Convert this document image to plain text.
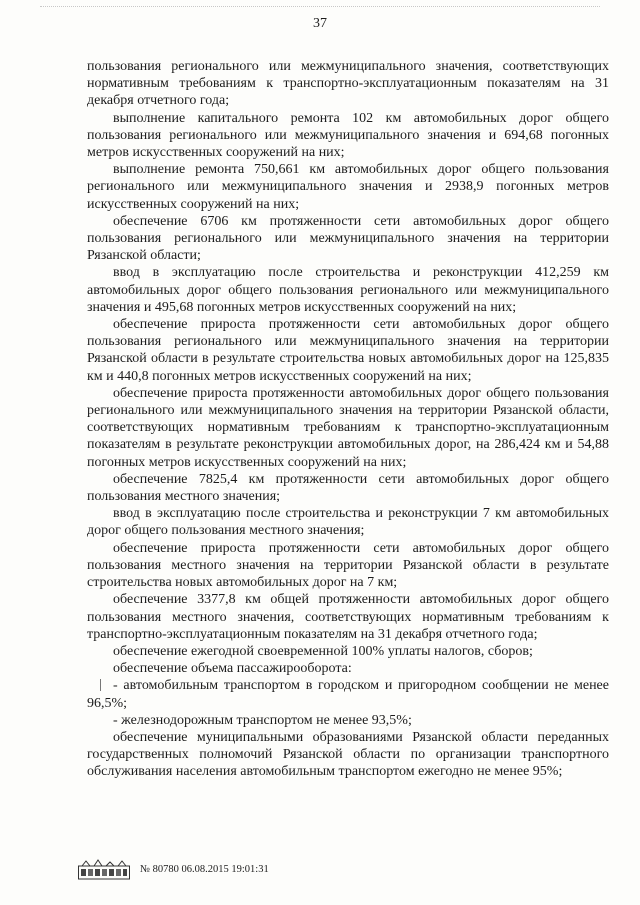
37

пользования регионального или межмуниципального значения, соответствующих нормативным требованиям к транспортно-эксплуатационным показателям на 31 декабря отчетного года;

выполнение капитального ремонта 102 км автомобильных дорог общего пользования регионального или межмуниципального значения и 694,68 погонных метров искусственных сооружений на них;

выполнение ремонта 750,661 км автомобильных дорог общего пользования регионального или межмуниципального значения и 2938,9 погонных метров искусственных сооружений на них;

обеспечение 6706 км протяженности сети автомобильных дорог общего пользования регионального или межмуниципального значения на территории Рязанской области;

ввод в эксплуатацию после строительства и реконструкции 412,259 км автомобильных дорог общего пользования регионального или межмуниципального значения и 495,68 погонных метров искусственных сооружений на них;

обеспечение прироста протяженности сети автомобильных дорог общего пользования регионального или межмуниципального значения на территории Рязанской области в результате строительства новых автомобильных дорог на 125,835 км и 440,8 погонных метров искусственных сооружений на них;

обеспечение прироста протяженности автомобильных дорог общего пользования регионального или межмуниципального значения на территории Рязанской области, соответствующих нормативным требованиям к транспортно-эксплуатационным показателям в результате реконструкции автомобильных дорог, на 286,424 км и 54,88 погонных метров искусственных сооружений на них;

обеспечение 7825,4 км протяженности сети автомобильных дорог общего пользования местного значения;

ввод в эксплуатацию после строительства и реконструкции 7 км автомобильных дорог общего пользования местного значения;

обеспечение прироста протяженности сети автомобильных дорог общего пользования местного значения на территории Рязанской области в результате строительства новых автомобильных дорог на 7 км;

обеспечение 3377,8 км общей протяженности автомобильных дорог общего пользования местного значения, соответствующих нормативным требованиям к транспортно-эксплуатационным показателям на 31 декабря отчетного года;

обеспечение ежегодной своевременной 100% уплаты налогов, сборов;

обеспечение объема пассажирооборота:

- автомобильным транспортом в городском и пригородном сообщении не менее 96,5%;

- железнодорожным транспортом не менее 93,5%;

обеспечение муниципальными образованиями Рязанской области переданных государственных полномочий Рязанской области по организации транспортного обслуживания населения автомобильным транспортом ежегодно не менее 95%;

№ 80780 06.08.2015 19:01:31
